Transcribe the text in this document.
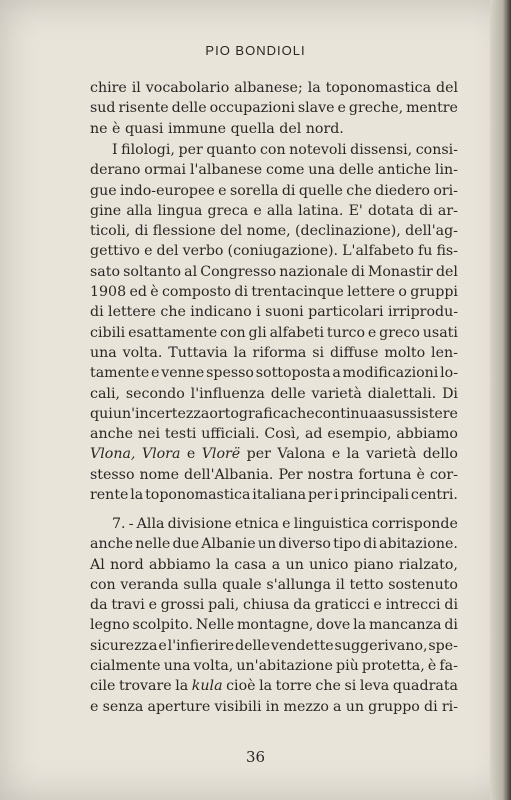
PIO BONDIOLI
chire il vocabolario albanese; la toponomastica del
sud risente delle occupazioni slave e greche, mentre
ne è quasi immune quella del nord.
I filologi, per quanto con notevoli dissensi, consi-
derano ormai l'albanese come una delle antiche lin-
gue indo-europee e sorella di quelle che diedero ori-
gine alla lingua greca e alla latina. E' dotata di ar-
ticoli, di flessione del nome, (declinazione), dell'ag-
gettivo e del verbo (coniugazione). L'alfabeto fu fis-
sato soltanto al Congresso nazionale di Monastir del
1908 ed è composto di trentacinque lettere o gruppi
di lettere che indicano i suoni particolari irriprodu-
cibili esattamente con gli alfabeti turco e greco usati
una volta. Tuttavia la riforma si diffuse molto len-
tamente e venne spesso sottoposta a modificazioni lo-
cali, secondo l'influenza delle varietà dialettali. Di
qui un'incertezza ortografica che continua a sussistere
anche nei testi ufficiali. Così, ad esempio, abbiamo
Vlona, Vlora e Vlorë per Valona e la varietà dello
stesso nome dell'Albania. Per nostra fortuna è cor-
rente la toponomastica italiana per i principali centri.
7. - Alla divisione etnica e linguistica corrisponde
anche nelle due Albanie un diverso tipo di abitazione.
Al nord abbiamo la casa a un unico piano rialzato,
con veranda sulla quale s'allunga il tetto sostenuto
da travi e grossi pali, chiusa da graticci e intrecci di
legno scolpito. Nelle montagne, dove la mancanza di
sicurezza e l'infierire delle vendette suggerivano, spe-
cialmente una volta, un'abitazione più protetta, è fa-
cile trovare la kula cioè la torre che si leva quadrata
e senza aperture visibili in mezzo a un gruppo di ri-
36
